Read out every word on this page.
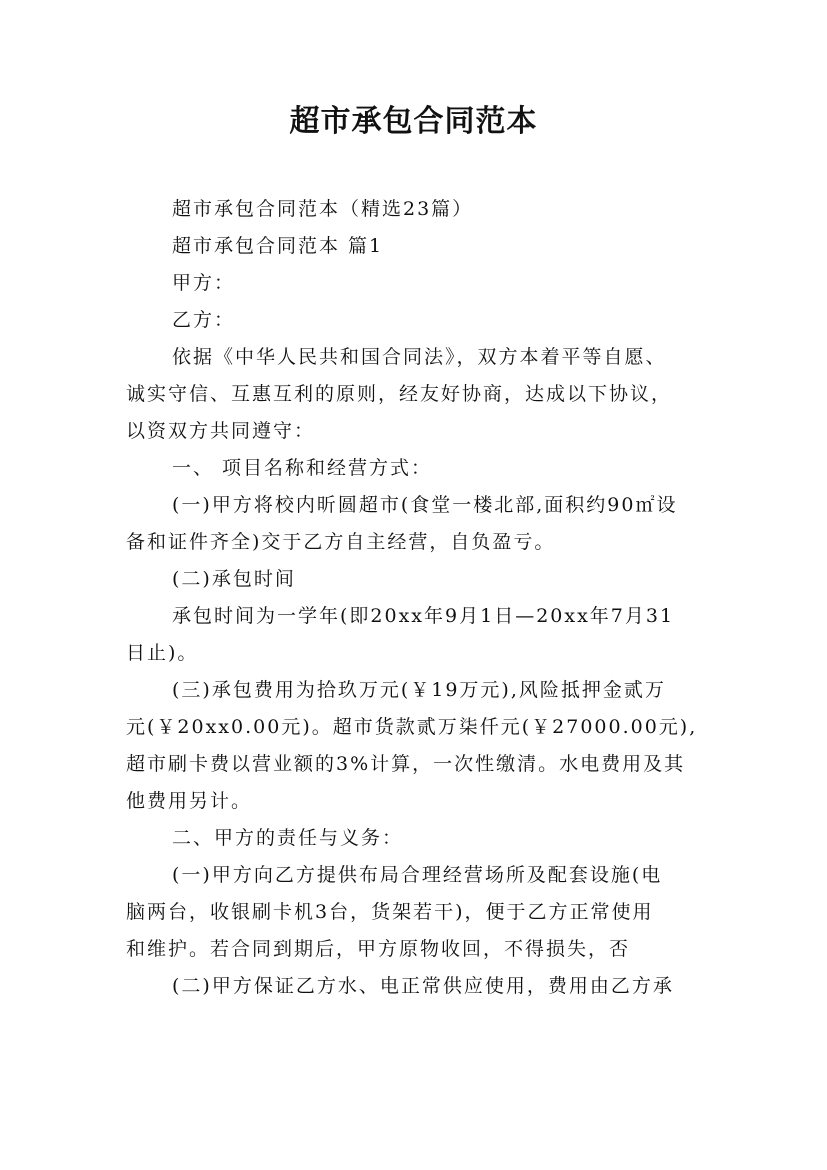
超市承包合同范本

超市承包合同范本（精选23篇）

超市承包合同范本 篇1

甲方：

乙方：

依据《中华人民共和国合同法》，双方本着平等自愿、

诚实守信、互惠互利的原则，经友好协商，达成以下协议，

以资双方共同遵守：

一、 项目名称和经营方式：

(一)甲方将校内昕圆超市(食堂一楼北部,面积约90㎡设

备和证件齐全)交于乙方自主经营，自负盈亏。

(二)承包时间

承包时间为一学年(即20xx年9月1日—20xx年7月31

日止)。

(三)承包费用为拾玖万元(￥19万元),风险抵押金贰万

元(￥20xx0.00元)。超市货款贰万柒仟元(￥27000.00元),

超市刷卡费以营业额的3%计算，一次性缴清。水电费用及其

他费用另计。

二、甲方的责任与义务：

(一)甲方向乙方提供布局合理经营场所及配套设施(电

脑两台，收银刷卡机3台，货架若干)，便于乙方正常使用

和维护。若合同到期后，甲方原物收回，不得损失，否

(二)甲方保证乙方水、电正常供应使用，费用由乙方承
